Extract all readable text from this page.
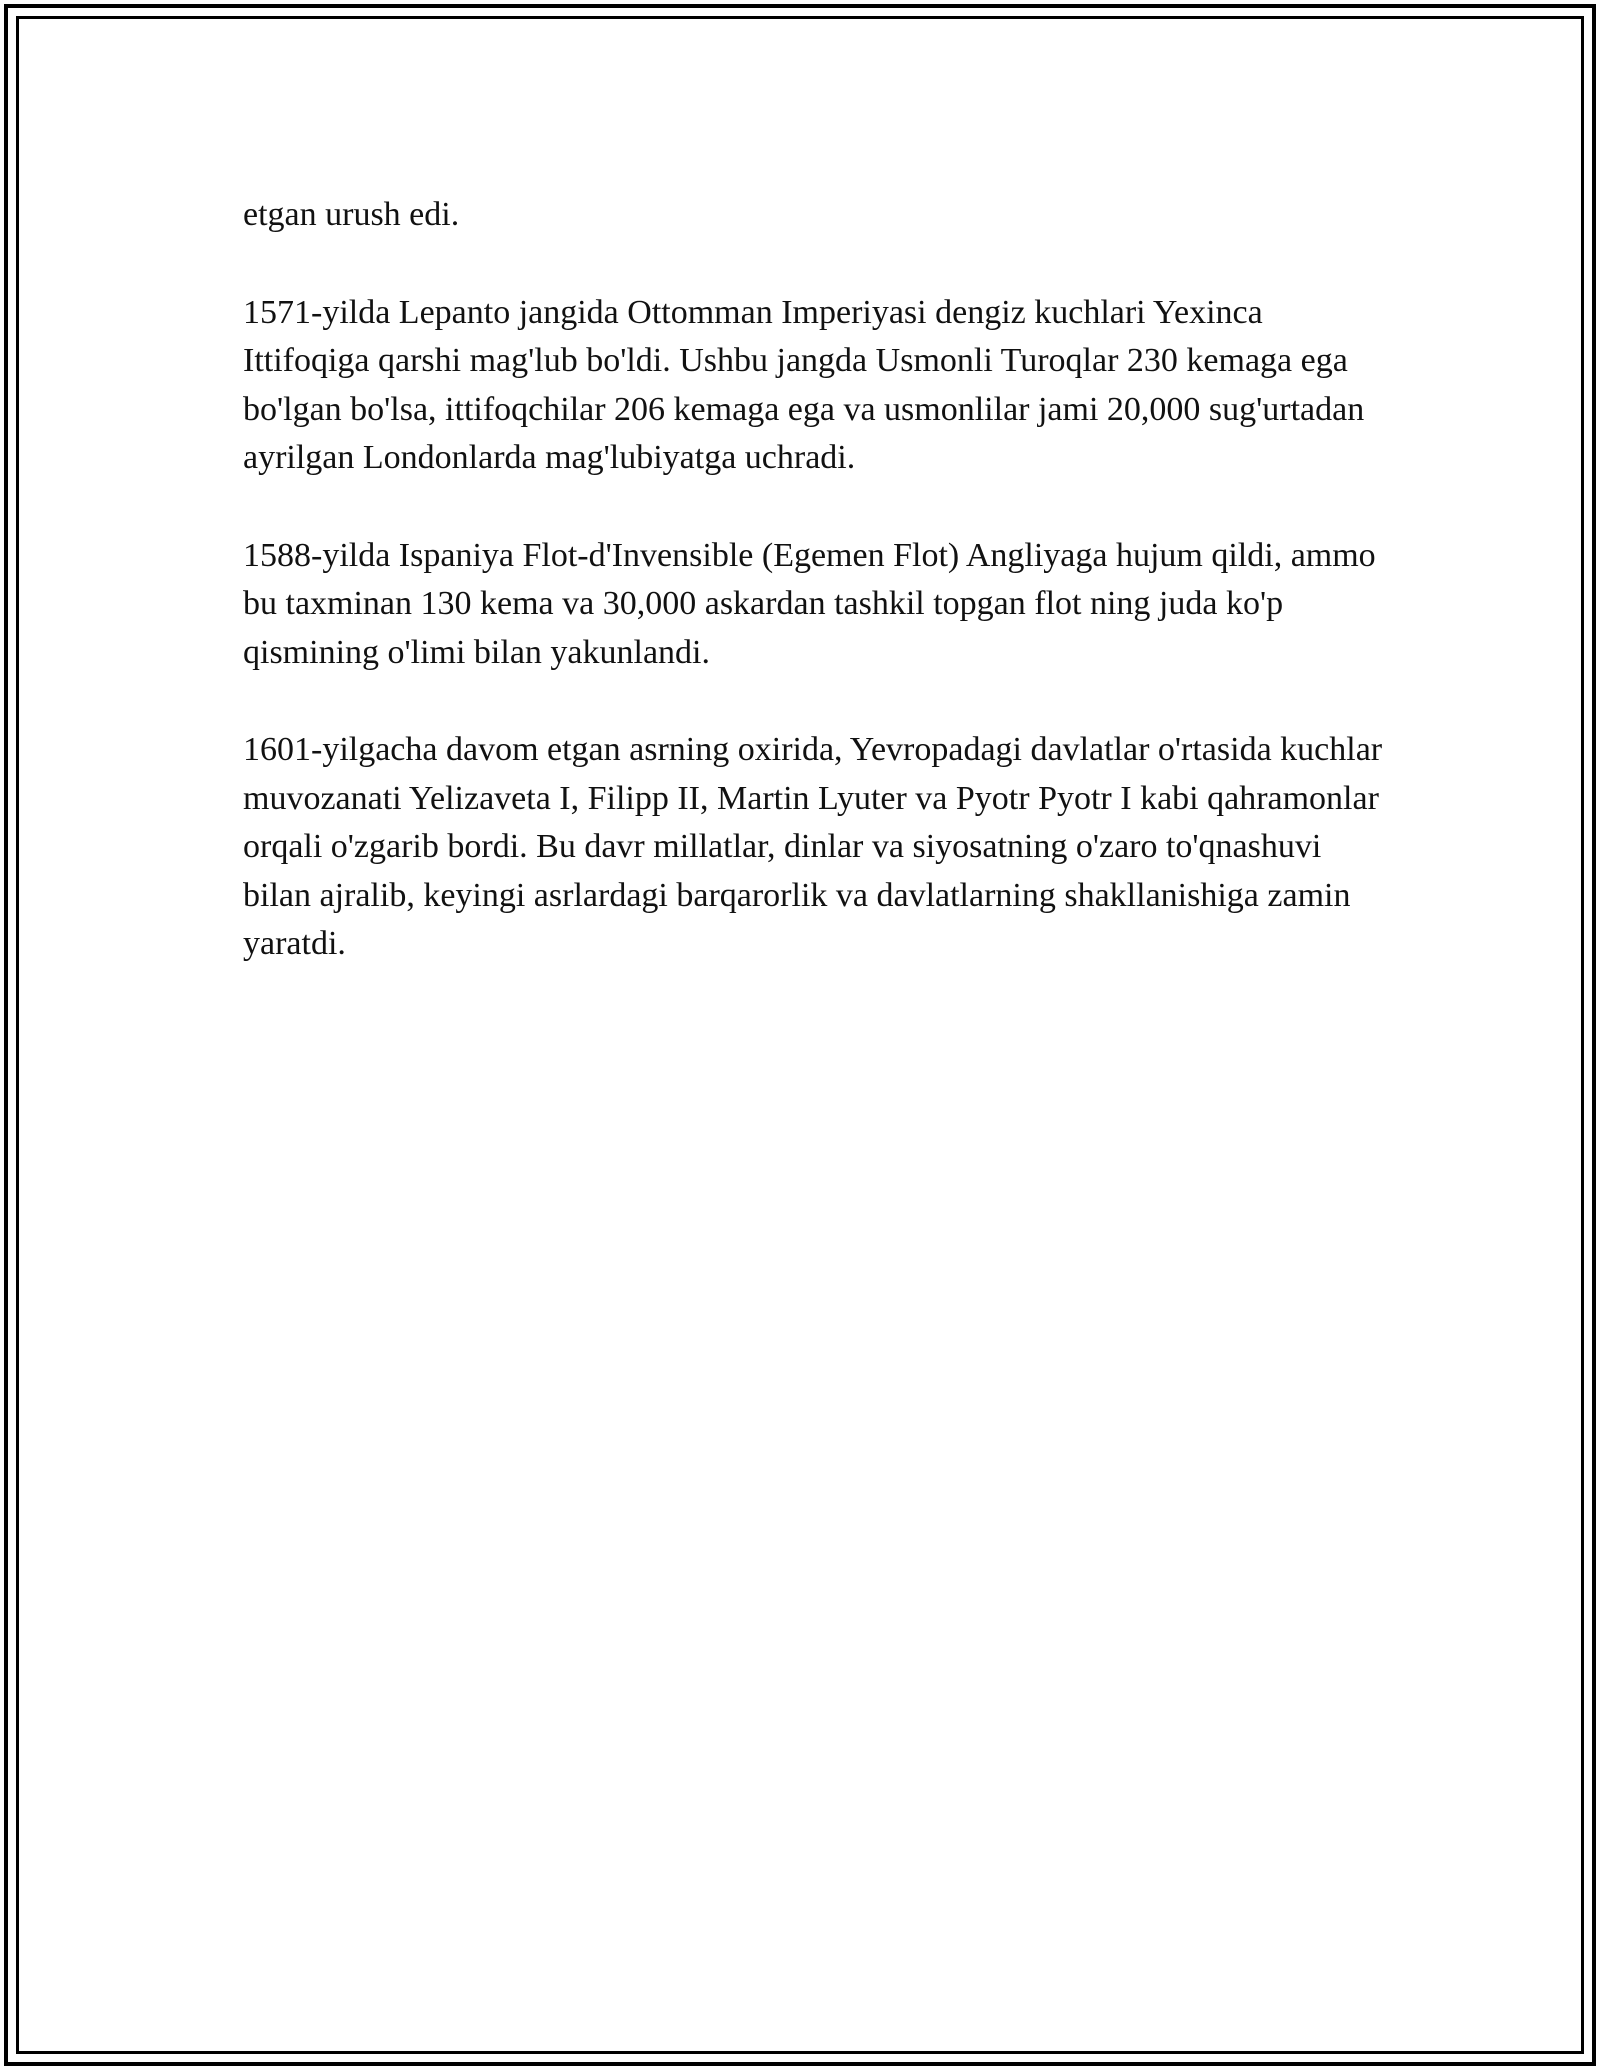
etgan urush edi.

1571-yilda Lepanto jangida Ottomman Imperiyasi dengiz kuchlari Yexinca Ittifoqiga qarshi mag'lub bo'ldi. Ushbu jangda Usmonli Turoqlar 230 kemaga ega bo'lgan bo'lsa, ittifoqchilar 206 kemaga ega va usmonlilar jami 20,000 sug'urtadan ayrilgan Londonlarda mag'lubiyatga uchradi.

1588-yilda Ispaniya Flot-d'Invensible (Egemen Flot) Angliyaga hujum qildi, ammo bu taxminan 130 kema va 30,000 askardan tashkil topgan flot ning juda ko'p qismining o'limi bilan yakunlandi.

1601-yilgacha davom etgan asrning oxirida, Yevropadagi davlatlar o'rtasida kuchlar muvozanati Yelizaveta I, Filipp II, Martin Lyuter va Pyotr Pyotr I kabi qahramonlar orqali o'zgarib bordi. Bu davr millatlar, dinlar va siyosatning o'zaro to'qnashuvi bilan ajralib, keyingi asrlardagi barqarorlik va davlatlarning shakllanishiga zamin yaratdi.
